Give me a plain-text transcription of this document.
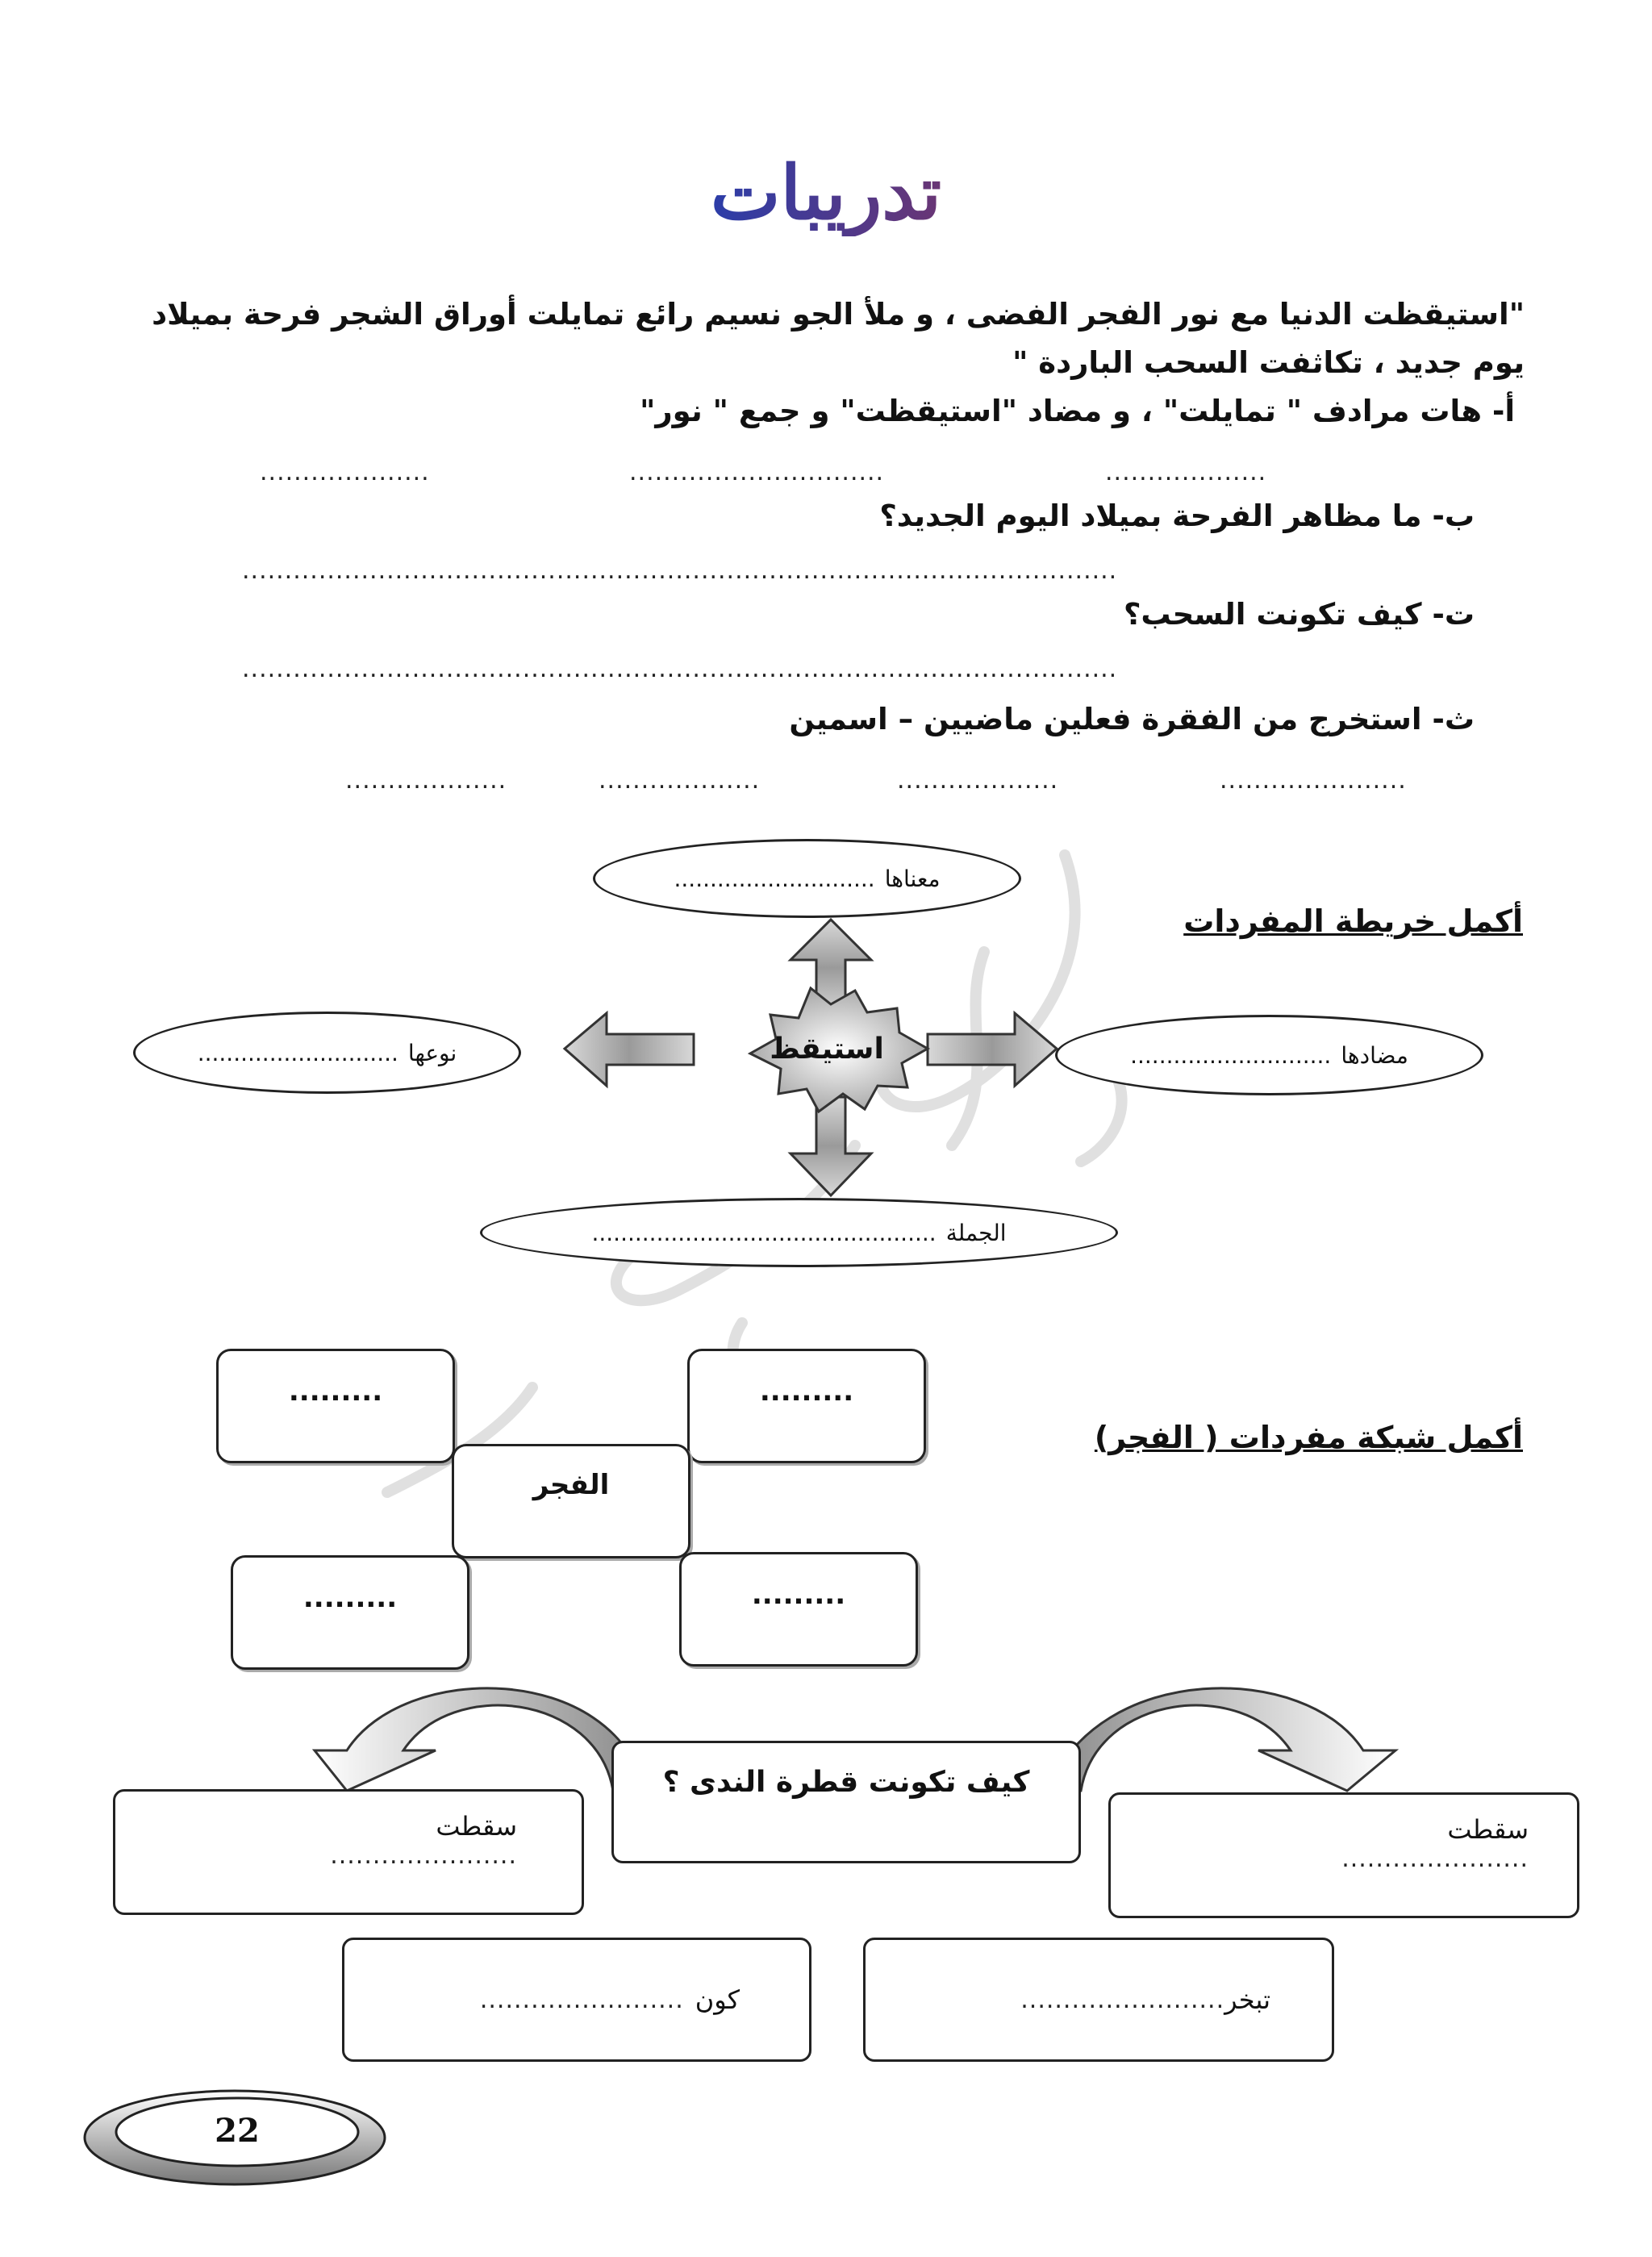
تدريبات
"استيقظت الدنيا مع نور الفجر الفضى ، و ملأ الجو نسيم رائع تمايلت أوراق الشجر فرحة بميلاد يوم جديد ، تكاثفت السحب الباردة "
أ- هات مرادف " تمايلت" ، و مضاد "استيقظت" و جمع " نور"
...................
..............................
....................
ب- ما مظاهر الفرحة بميلاد اليوم الجديد؟
.......................................................................................................
ت- كيف تكونت السحب؟
.......................................................................................................
ث- استخرج من الفقرة فعلين ماضيين – اسمين
......................
...................
...................
...................
أكمل خريطة المفردات
استيقظ
معناها
............................
مضادها
............................
نوعها
............................
الجملة
................................................
أكمل شبكة مفردات ( الفجر)
.........	.........
الفجر
.........	.........
كيف تكونت قطرة الندى ؟
سقطت
......................
سقطت
......................
تبخر
........................
كون
........................
22
